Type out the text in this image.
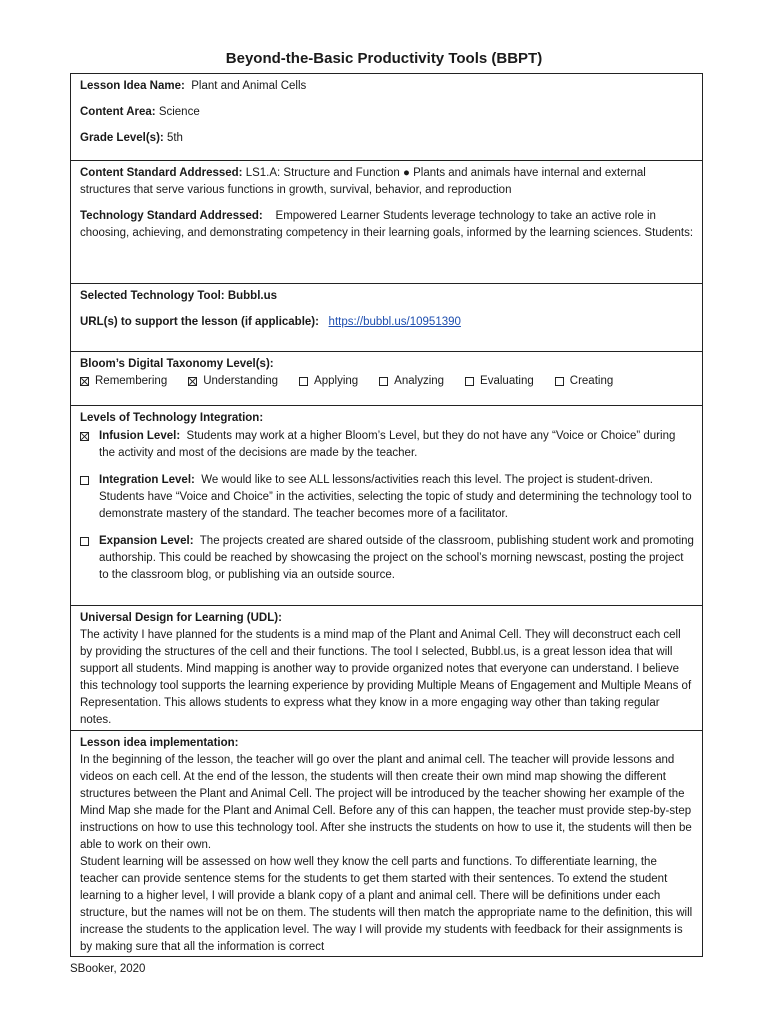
Beyond-the-Basic Productivity Tools (BBPT)

Lesson Idea Name: Plant and Animal Cells

Content Area: Science

Grade Level(s): 5th

Content Standard Addressed: LS1.A: Structure and Function ● Plants and animals have internal and external structures that serve various functions in growth, survival, behavior, and reproduction

Technology Standard Addressed: Empowered Learner Students leverage technology to take an active role in choosing, achieving, and demonstrating competency in their learning goals, informed by the learning sciences. Students:

Selected Technology Tool: Bubbl.us

URL(s) to support the lesson (if applicable): https://bubbl.us/10951390

Bloom’s Digital Taxonomy Level(s):

Remembering	Understanding	Applying	Analyzing	Evaluating	Creating

Levels of Technology Integration:

Infusion Level: Students may work at a higher Bloom’s Level, but they do not have any “Voice or Choice” during the activity and most of the decisions are made by the teacher.
Integration Level: We would like to see ALL lessons/activities reach this level. The project is student-driven. Students have “Voice and Choice” in the activities, selecting the topic of study and determining the technology tool to demonstrate mastery of the standard. The teacher becomes more of a facilitator.
Expansion Level: The projects created are shared outside of the classroom, publishing student work and promoting authorship. This could be reached by showcasing the project on the school’s morning newscast, posting the project to the classroom blog, or publishing via an outside source.

Universal Design for Learning (UDL):

The activity I have planned for the students is a mind map of the Plant and Animal Cell. They will deconstruct each cell by providing the structures of the cell and their functions. The tool I selected, Bubbl.us, is a great lesson idea that will support all students. Mind mapping is another way to provide organized notes that everyone can understand. I believe this technology tool supports the learning experience by providing Multiple Means of Engagement and Multiple Means of Representation. This allows students to express what they know in a more engaging way other than taking regular notes.

Lesson idea implementation:

In the beginning of the lesson, the teacher will go over the plant and animal cell. The teacher will provide lessons and videos on each cell. At the end of the lesson, the students will then create their own mind map showing the different structures between the Plant and Animal Cell. The project will be introduced by the teacher showing her example of the Mind Map she made for the Plant and Animal Cell. Before any of this can happen, the teacher must provide step-by-step instructions on how to use this technology tool. After she instructs the students on how to use it, the students will then be able to work on their own.

Student learning will be assessed on how well they know the cell parts and functions. To differentiate learning, the teacher can provide sentence stems for the students to get them started with their sentences. To extend the student learning to a higher level, I will provide a blank copy of a plant and animal cell. There will be definitions under each structure, but the names will not be on them. The students will then match the appropriate name to the definition, this will increase the students to the application level. The way I will provide my students with feedback for their assignments is by making sure that all the information is correct

SBooker, 2020
